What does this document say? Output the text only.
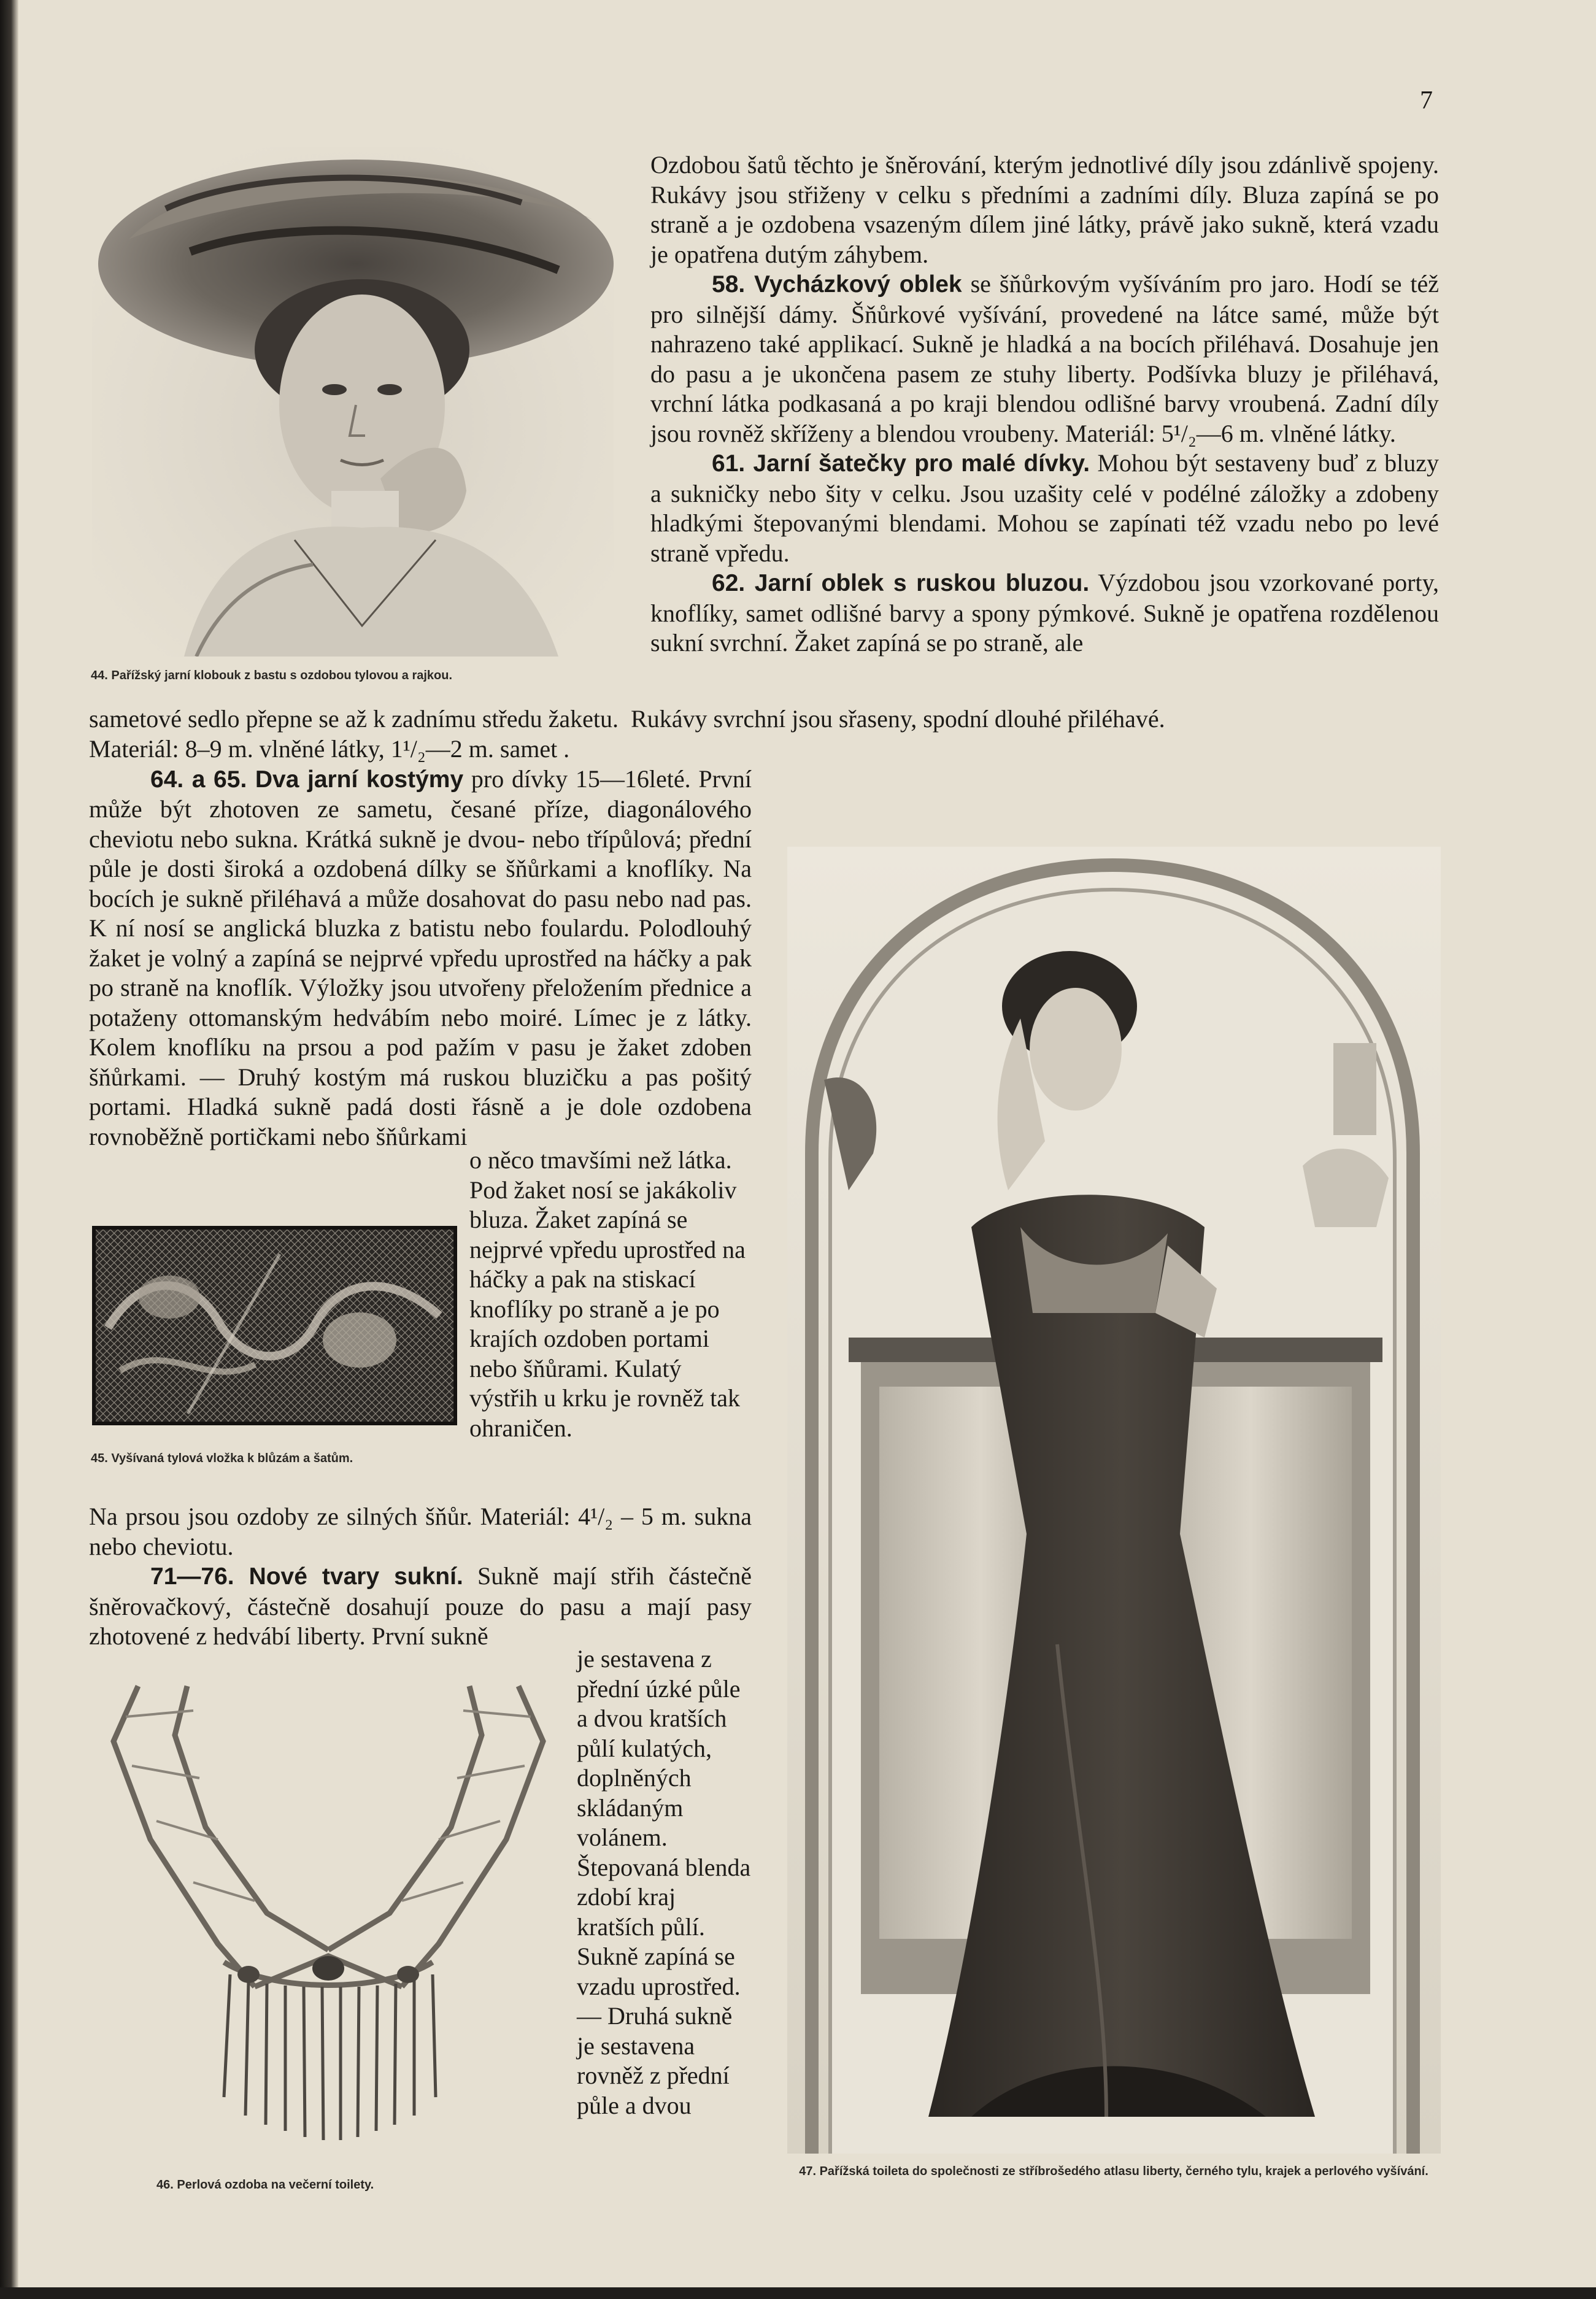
7
44. Pařížský jarní klobouk z bastu s ozdobou tylovou a rajkou.

Ozdobou šatů těchto je šněrování, kterým jednotlivé díly jsou zdánlivě spojeny. Rukávy jsou střiženy v celku s předními a zadními díly. Bluza zapíná se po straně a je ozdobena vsazeným dílem jiné látky, právě jako sukně, která vzadu je opatřena dutým záhybem.

58. Vycházkový oblek se šňůrkovým vyšíváním pro jaro. Hodí se též pro silnější dámy. Šňůrkové vyšívání, provedené na látce samé, může být nahrazeno také applikací. Sukně je hladká a na bocích přiléhavá. Dosahuje jen do pasu a je ukončena pasem ze stuhy liberty. Podšívka bluzy je přiléhavá, vrchní látka podkasaná a po kraji blendou odlišné barvy vroubená. Zadní díly jsou rovněž skříženy a blendou vroubeny. Materiál: 5¹/₂—6 m. vlněné látky.

61. Jarní šatečky pro malé dívky. Mohou být sestaveny buď z bluzy a sukničky nebo šity v celku. Jsou uzašity celé v podélné záložky a zdobeny hladkými štepovanými blendami. Mohou se zapínati též vzadu nebo po levé straně vpředu.

62. Jarní oblek s ruskou bluzou. Výzdobou jsou vzorkované porty, knoflíky, samet odlišné barvy a spony pýmkové. Sukně je opatřena rozdělenou sukní svrchní. Žaket zapíná se po straně, ale

sametové sedlo přepne se až k zadnímu středu žaketu. Rukávy svrchní jsou sřaseny, spodní dlouhé přiléhavé.

Materiál: 8–9 m. vlněné látky, 1¹/₂—2 m. samet .

64. a 65. Dva jarní kostýmy pro dívky 15—16leté. První může být zhotoven ze sametu, česané příze, diagonálového cheviotu nebo sukna. Krátká sukně je dvou- nebo třípůlová; přední půle je dosti široká a ozdobená dílky se šňůrkami a knoflíky. Na bocích je sukně přiléhavá a může dosahovat do pasu nebo nad pas. K ní nosí se anglická bluzka z batistu nebo foulardu. Polodlouhý žaket je volný a zapíná se nejprvé vpředu uprostřed na háčky a pak po straně na knoflík. Výložky jsou utvořeny přeložením přednice a potaženy ottomanským hedvábím nebo moiré. Límec je z látky. Kolem knoflíku na prsou a pod pažím v pasu je žaket zdoben šňůrkami. — Druhý kostým má ruskou bluzičku a pas pošitý portami. Hladká sukně padá dosti řásně a je dole ozdobena rovnoběžně portičkami nebo šňůrkami

45. Vyšívaná tylová vložka k blůzám a šatům.
o něco tmavšími než látka. Pod žaket nosí se jakákoliv bluza. Žaket zapíná se nejprvé vpředu uprostřed na háčky a pak na stiskací knoflíky po straně a je po krajích ozdoben portami nebo šňůrami. Kulatý výstřih u krku je rovněž tak ohraničen.

Na prsou jsou ozdoby ze silných šňůr. Materiál: 4¹/₂ – 5 m. sukna nebo cheviotu.

71—76. Nové tvary sukní. Sukně mají střih částečně šněrovačkový, částečně dosahují pouze do pasu a mají pasy zhotovené z hedvábí liberty. První sukně

46. Perlová ozdoba na večerní toilety.
je sestavena z přední úzké půle a dvou kratších půlí kulatých, doplněných skládaným volánem. Štepovaná blenda zdobí kraj kratších půlí. Sukně zapíná se vzadu uprostřed. — Druhá sukně je sestavena rovněž z přední půle a dvou
47. Pařížská toileta do společnosti ze stříbrošedého atlasu liberty, černého tylu, krajek a perlového vyšívání.
